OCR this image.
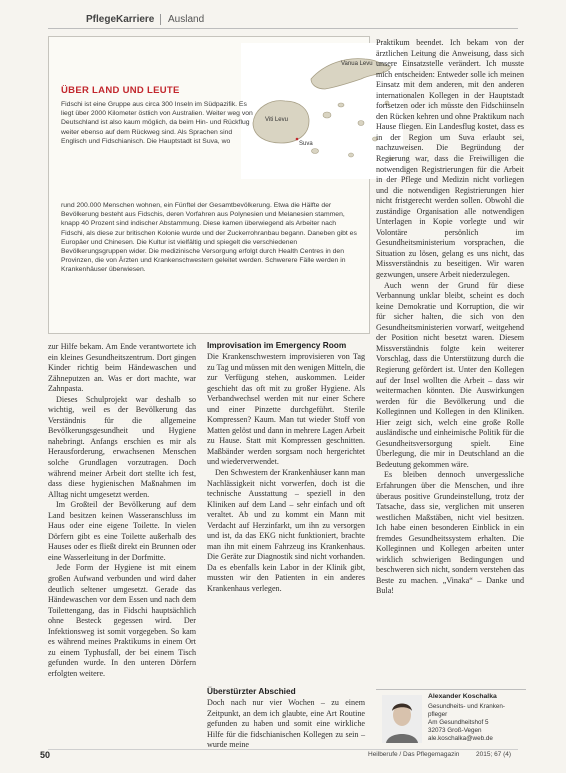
PflegeKarriere Ausland
Vanua Levu
Viti Levu
Suva
ÜBER LAND UND LEUTE
Fidschi ist eine Gruppe aus circa 300 Inseln im Südpazifik. Es liegt über 2000 Kilometer östlich von Australien. Weiter weg von Deutschland ist also kaum möglich, da beim Hin- und Rückflug weiter ebenso auf dem Rückweg sind. Als Sprachen sind Englisch und Fidschianisch. Die Hauptstadt ist Suva, wo
rund 200.000 Menschen wohnen, ein Fünftel der Gesamtbevölkerung. Etwa die Hälfte der Bevölkerung besteht aus Fidschis, deren Vorfahren aus Polynesien und Melanesien stammen, knapp 40 Prozent sind indischer Abstammung. Diese kamen überwiegend als Arbeiter nach Fidschi, als diese zur britischen Kolonie wurde und der Zuckerrohranbau begann. Daneben gibt es Europäer und Chinesen. Die Kultur ist vielfältig und spiegelt die verschiedenen Bevölkerungsgruppen wider. Die medizinische Versorgung erfolgt durch Health Centres in den Provinzen, die von Ärzten und Krankenschwestern geleitet werden. Schwerere Fälle werden in Krankenhäuser überwiesen.

zur Hilfe bekam. Am Ende verantwortete ich ein kleines Gesundheitszentrum. Dort gingen Kinder richtig beim Händewaschen und Zähneputzen an. Was er dort machte, war Zahnpasta.

Dieses Schulprojekt war deshalb so wichtig, weil es der Bevölkerung das Verständnis für die allgemeine Bevölkerungsgesundheit und Hygiene nahebringt. Anfangs erschien es mir als Herausforderung, erwachsenen Menschen solche Grundlagen vorzutragen. Doch während meiner Arbeit dort stellte ich fest, dass diese hygienischen Maßnahmen im Alltag nicht umgesetzt werden.

Im Großteil der Bevölkerung auf dem Land besitzen keinen Wasseranschluss im Haus oder eine eigene Toilette. In vielen Dörfern gibt es eine Toilette außerhalb des Hauses oder es fließt direkt ein Brunnen oder eine Wasserleitung in der Dorfmitte.

Jede Form der Hygiene ist mit einem großen Aufwand verbunden und wird daher deutlich seltener umgesetzt. Gerade das Händewaschen vor dem Essen und nach dem Toilettengang, das in Fidschi hauptsächlich ohne Besteck gegessen wird. Der Infektionsweg ist somit vorgegeben. So kam es während meines Praktikums in einem Ort zu einem Typhusfall, der bei einem Tisch gefunden wurde. In den unteren Dörfern erfolgten weitere.

Improvisation im Emergency Room

Die Krankenschwestern improvisieren von Tag zu Tag und müssen mit den wenigen Mitteln, die zur Verfügung stehen, auskommen. Leider geschieht das oft mit zu großer Hygiene. Als Verbandwechsel werden mit nur einer Schere und einer Pinzette durchgeführt. Sterile Kompressen? Kaum. Man tut wieder Stoff von Matten gelöst und dann in mehrere Lagen Arbeit zu Hause. Statt mit Kompressen geschnitten. Maßbänder werden sorgsam noch hergerichtet und wiederverwendet.

Den Schwestern der Krankenhäuser kann man Nachlässigkeit nicht vorwerfen, doch ist die technische Ausstattung – speziell in den Kliniken auf dem Land – sehr einfach und oft veraltet. Ab und zu kommt ein Mann mit Verdacht auf Herzinfarkt, um ihn zu versorgen und ist, da das EKG nicht funktioniert, brachte man ihn mit einem Fahrzeug ins Krankenhaus. Die Geräte zur Diagnostik sind nicht vorhanden. Da es ebenfalls kein Labor in der Klinik gibt, mussten wir den Patienten in ein anderes Krankenhaus verlegen.

Überstürzter Abschied

Doch nach nur vier Wochen – zu einem Zeitpunkt, an dem ich glaubte, eine Art Routine gefunden zu haben und somit eine wirkliche Hilfe für die fidschianischen Kollegen zu sein – wurde meine

Praktikum beendet. Ich bekam von der ärztlichen Leitung die Anweisung, dass sich unsere Einsatzstelle verändert. Ich musste mich entscheiden: Entweder solle ich meinen Einsatz mit dem anderen, mit den anderen internationalen Kollegen in der Hauptstadt fortsetzen oder ich müsste den Fidschiinseln den Rücken kehren und ohne Praktikum nach Hause fliegen. Ein Landesflug kostet, dass es in der Region um Suva erlaubt sei, nachzuweisen. Die Begründung der Regierung war, dass die Freiwilligen die notwendigen Registrierungen für die Arbeit in der Pflege und Medizin nicht vorliegen und die notwendigen Registrierungen hier nicht fristgerecht werden sollen. Obwohl die zuständige Organisation alle notwendigen Unterlagen in Kopie vorlegte und wir Volontäre persönlich im Gesundheitsministerium vorsprachen, die Situation zu lösen, gelang es uns nicht, das Missverständnis zu beseitigen. Wir waren gezwungen, unsere Arbeit niederzulegen.

Auch wenn der Grund für diese Verbannung unklar bleibt, scheint es doch keine Demokratie und Korruption, die wir für sicher halten, die sich von den Gesundheitsministerien vorwarf, weitgehend der Position nicht besetzt waren. Diesem Missverständnis folgte kein weiterer Vorschlag, dass die Unterstützung durch die Regierung gefördert ist. Unter den Kollegen auf der Insel wollten die Arbeit – dass wir weitermachen könnten. Die Auswirkungen werden für die Bevölkerung und die Kolleginnen und Kollegen in den Kliniken. Hier zeigt sich, welch eine große Rolle ausländische und einheimische Politik für die Gesundheitsversorgung spielt. Eine Überlegung, die mir in Deutschland an die Bedeutung gekommen wäre.

Es bleiben dennoch unvergessliche Erfahrungen über die Menschen, und ihre überaus positive Grundeinstellung, trotz der Tatsache, dass sie, verglichen mit unseren westlichen Maßstäben, nicht viel besitzen. Ich habe einen besonderen Einblick in ein fremdes Gesundheitssystem erhalten. Die Kolleginnen und Kollegen arbeiten unter wirklich schwierigen Bedingungen und beschweren sich nicht, sondern verstehen das Beste zu machen. „Vinaka“ – Danke und Bula!

Alexander Koschalka
Gesundheits- und Kranken-
pfleger
Am Gesundheitshof 5
32073 Groß-Vegen
ale.koschalka@web.de
50	Heilberufe / Das Pflegemagazin	2015; 67 (4)
